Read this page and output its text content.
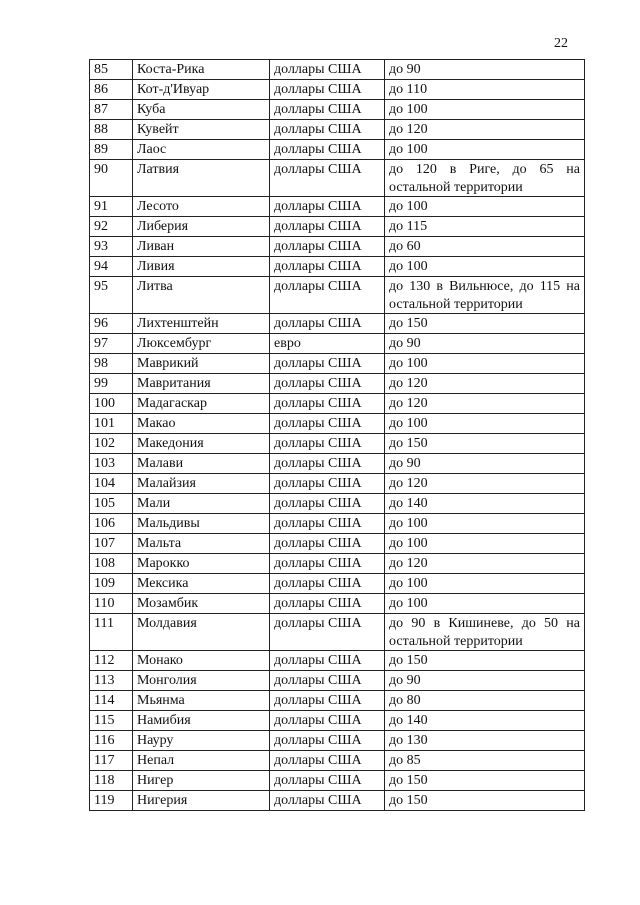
22
85	Коста-Рика	доллары США	до 90
86	Кот-д'Ивуар	доллары США	до 110
87	Куба	доллары США	до 100
88	Кувейт	доллары США	до 120
89	Лаос	доллары США	до 100
90	Латвия	доллары США	до 120 в Риге, до 65 на остальной территории
91	Лесото	доллары США	до 100
92	Либерия	доллары США	до 115
93	Ливан	доллары США	до 60
94	Ливия	доллары США	до 100
95	Литва	доллары США	до 130 в Вильнюсе, до 115 на остальной территории
96	Лихтенштейн	доллары США	до 150
97	Люксембург	евро	до 90
98	Маврикий	доллары США	до 100
99	Мавритания	доллары США	до 120
100	Мадагаскар	доллары США	до 120
101	Макао	доллары США	до 100
102	Македония	доллары США	до 150
103	Малави	доллары США	до 90
104	Малайзия	доллары США	до 120
105	Мали	доллары США	до 140
106	Мальдивы	доллары США	до 100
107	Мальта	доллары США	до 100
108	Марокко	доллары США	до 120
109	Мексика	доллары США	до 100
110	Мозамбик	доллары США	до 100
111	Молдавия	доллары США	до 90 в Кишиневе, до 50 на остальной территории
112	Монако	доллары США	до 150
113	Монголия	доллары США	до 90
114	Мьянма	доллары США	до 80
115	Намибия	доллары США	до 140
116	Науру	доллары США	до 130
117	Непал	доллары США	до 85
118	Нигер	доллары США	до 150
119	Нигерия	доллары США	до 150
